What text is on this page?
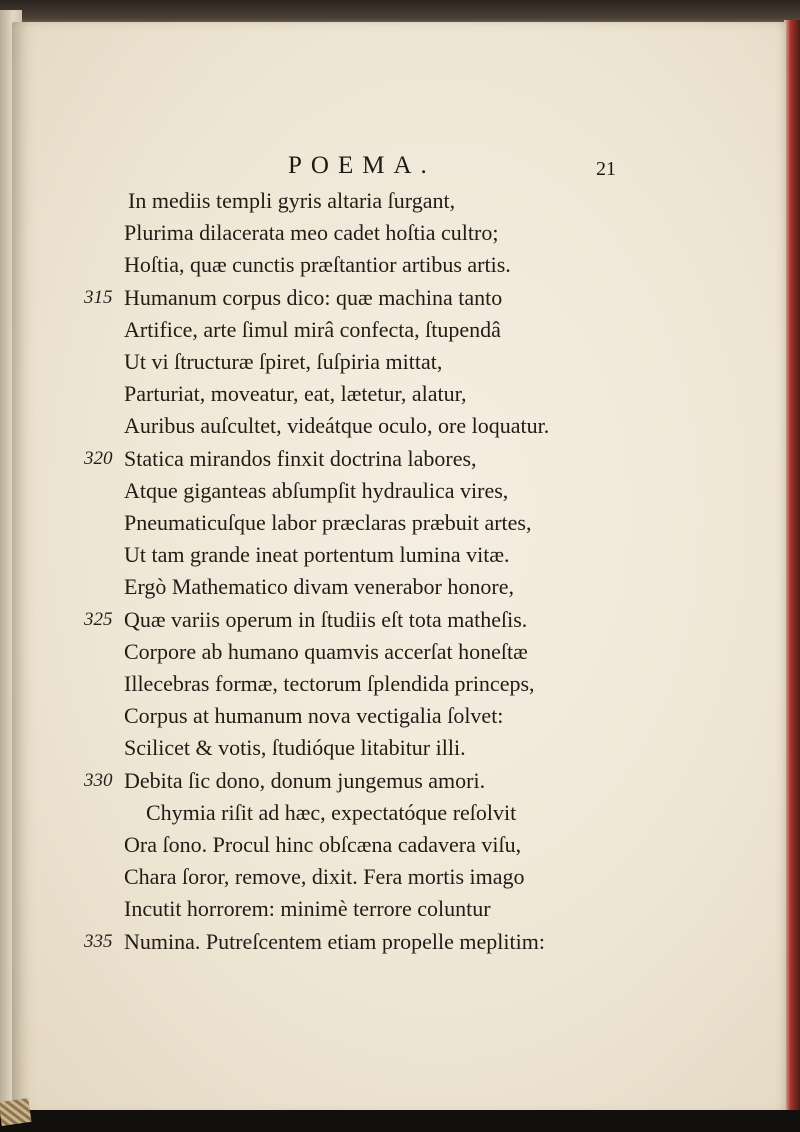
POEMA.	21
In mediis templi gyris altaria ſurgant,
Plurima dilacerata meo cadet hoſtia cultro;
Hoſtia, quæ cunctis præſtantior artibus artis.
315 Humanum corpus dico: quæ machina tanto
Artifice, arte ſimul mirâ confecta, ſtupendâ
Ut vi ſtructuræ ſpiret, ſuſpiria mittat,
Parturiat, moveatur, eat, lætetur, alatur,
Auribus auſcultet, videátque oculo, ore loquatur.
320 Statica mirandos finxit doctrina labores,
Atque giganteas abſumpſit hydraulica vires,
Pneumaticuſque labor præclaras præbuit artes,
Ut tam grande ineat portentum lumina vitæ.
Ergò Mathematico divam venerabor honore,
325 Quæ variis operum in ſtudiis eſt tota matheſis.
Corpore ab humano quamvis accerſat honeſtæ
Illecebras formæ, tectorum ſplendida princeps,
Corpus at humanum nova vectigalia ſolvet:
Scilicet & votis, ſtudióque litabitur illi.
330 Debita ſic dono, donum jungemus amori.
Chymia riſit ad hæc, expectatóque reſolvit
Ora ſono. Procul hinc obſcæna cadavera viſu,
Chara ſoror, remove, dixit. Fera mortis imago
Incutit horrorem: minimè terrore coluntur
335 Numina. Putreſcentem etiam propelle meplitim:
